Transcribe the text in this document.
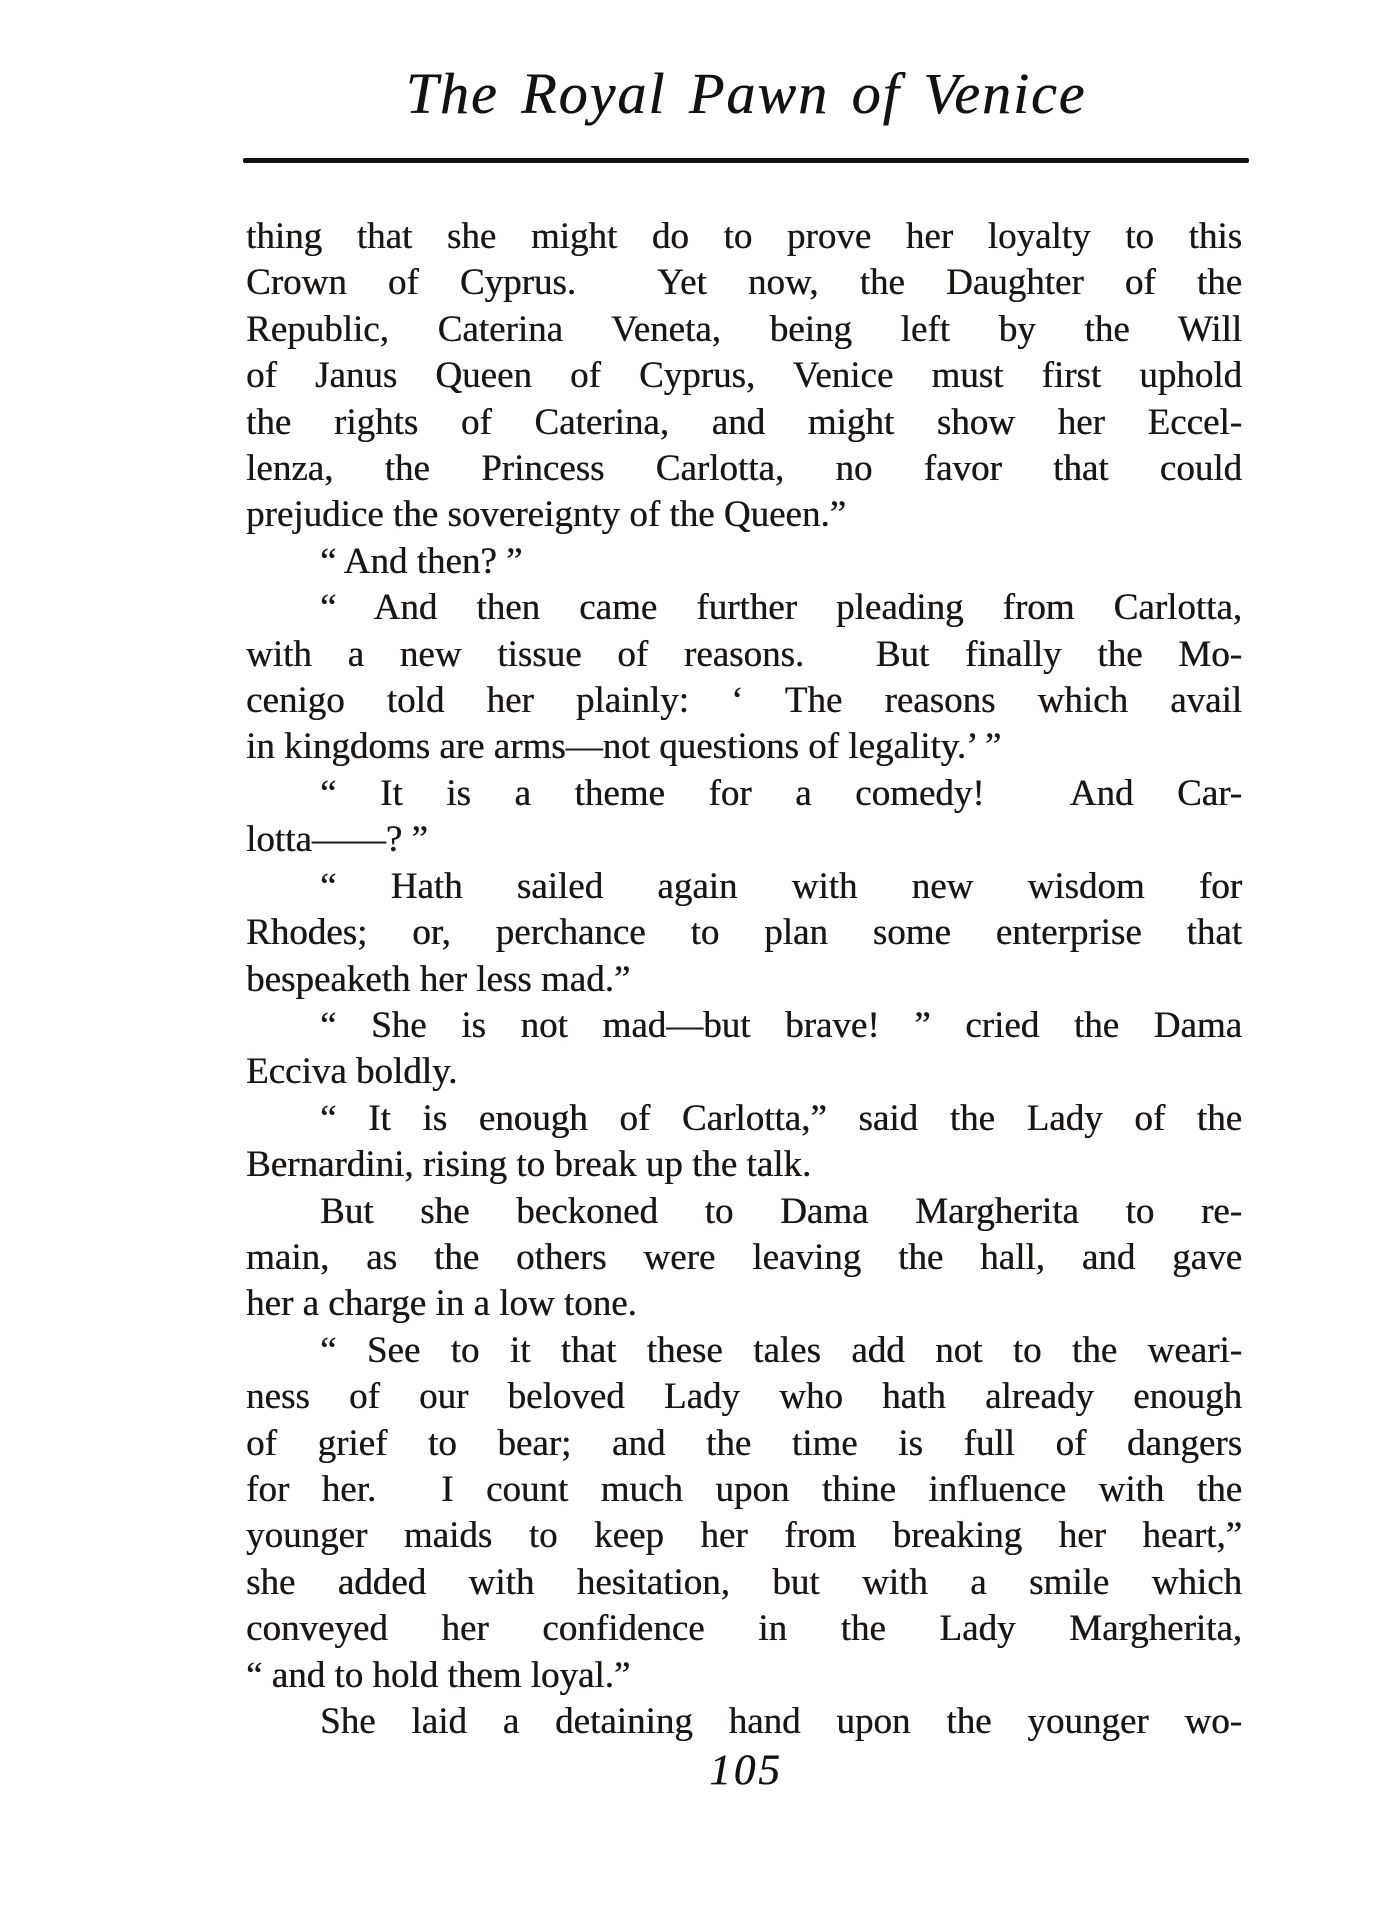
The Royal Pawn of Venice
thing that she might do to prove her loyalty to this
Crown of Cyprus.  Yet now, the Daughter of the
Republic, Caterina Veneta, being left by the Will
of Janus Queen of Cyprus, Venice must first uphold
the rights of Caterina, and might show her Eccel-
lenza, the Princess Carlotta, no favor that could
prejudice the sovereignty of the Queen.”
“ And then? ”
“ And then came further pleading from Carlotta,
with a new tissue of reasons.  But finally the Mo-
cenigo told her plainly: ‘ The reasons which avail
in kingdoms are arms—not questions of legality.’ ”
“ It is a theme for a comedy!  And Car-
lotta——? ”
“ Hath sailed again with new wisdom for
Rhodes; or, perchance to plan some enterprise that
bespeaketh her less mad.”
“ She is not mad—but brave! ” cried the Dama
Ecciva boldly.
“ It is enough of Carlotta,” said the Lady of the
Bernardini, rising to break up the talk.
But she beckoned to Dama Margherita to re-
main, as the others were leaving the hall, and gave
her a charge in a low tone.
“ See to it that these tales add not to the weari-
ness of our beloved Lady who hath already enough
of grief to bear; and the time is full of dangers
for her.  I count much upon thine influence with the
younger maids to keep her from breaking her heart,”
she added with hesitation, but with a smile which
conveyed her confidence in the Lady Margherita,
“ and to hold them loyal.”
She laid a detaining hand upon the younger wo-
105
